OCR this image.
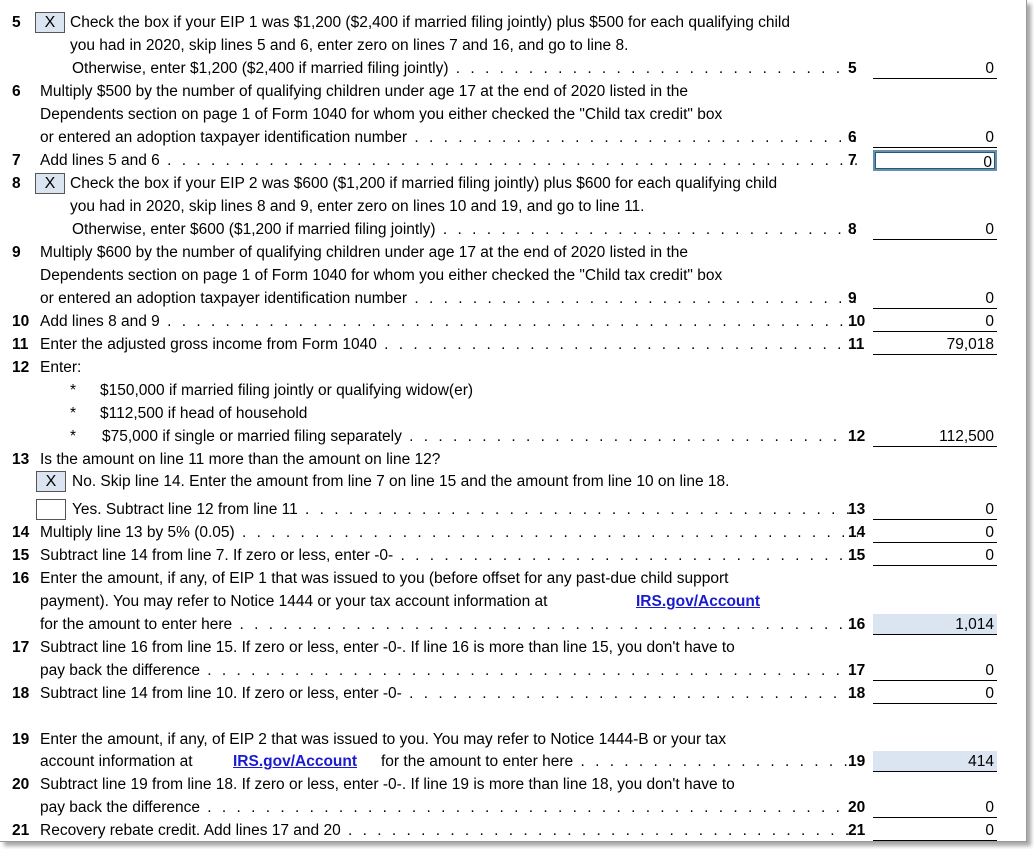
5	X Check the box if your EIP 1 was $1,200 ($2,400 if married filing jointly) plus $500 for each qualifying child
you had in 2020, skip lines 5 and 6, enter zero on lines 7 and 16, and go to line 8.
Otherwise, enter $1,200 ($2,400 if married filing jointly) . . .	5	0
6 Multiply $500 by the number of qualifying children under age 17 at the end of 2020 listed in the
Dependents section on page 1 of Form 1040 for whom you either checked the "Child tax credit" box
or entered an adoption taxpayer identification number . . .	6	0
7 Add lines 5 and 6 . . .	7	0
8	X Check the box if your EIP 2 was $600 ($1,200 if married filing jointly) plus $600 for each qualifying child
you had in 2020, skip lines 8 and 9, enter zero on lines 10 and 19, and go to line 11.
Otherwise, enter $600 ($1,200 if married filing jointly) . . .	8	0
9 Multiply $600 by the number of qualifying children under age 17 at the end of 2020 listed in the
Dependents section on page 1 of Form 1040 for whom you either checked the "Child tax credit" box
or entered an adoption taxpayer identification number . . .	9	0
10 Add lines 8 and 9 . . .	10	0
11 Enter the adjusted gross income from Form 1040 . . .	11	79,018
12 Enter:
* $150,000 if married filing jointly or qualifying widow(er)
* $112,500 if head of household
* $75,000 if single or married filing separately . . .	12	112,500
13 Is the amount on line 11 more than the amount on line 12?
X	No. Skip line 14. Enter the amount from line 7 on line 15 and the amount from line 10 on line 18.
Yes. Subtract line 12 from line 11 . . .	13	0
14 Multiply line 13 by 5% (0.05) . . .	14	0
15 Subtract line 14 from line 7. If zero or less, enter -0- . . .	15	0
16 Enter the amount, if any, of EIP 1 that was issued to you (before offset for any past-due child support
payment). You may refer to Notice 1444 or your tax account information at	IRS.gov/Account
for the amount to enter here . . .	16	1,014
17 Subtract line 16 from line 15. If zero or less, enter -0-. If line 16 is more than line 15, you don't have to
pay back the difference . . .	17	0
18 Subtract line 14 from line 10. If zero or less, enter -0- . . .	18	0
19 Enter the amount, if any, of EIP 2 that was issued to you. You may refer to Notice 1444-B or your tax
account information at	IRS.gov/Account for the amount to enter here . . .	19	414
20 Subtract line 19 from line 18. If zero or less, enter -0-. If line 19 is more than line 18, you don't have to
pay back the difference . . .	20	0
21 Recovery rebate credit. Add lines 17 and 20 . . .	21	0
